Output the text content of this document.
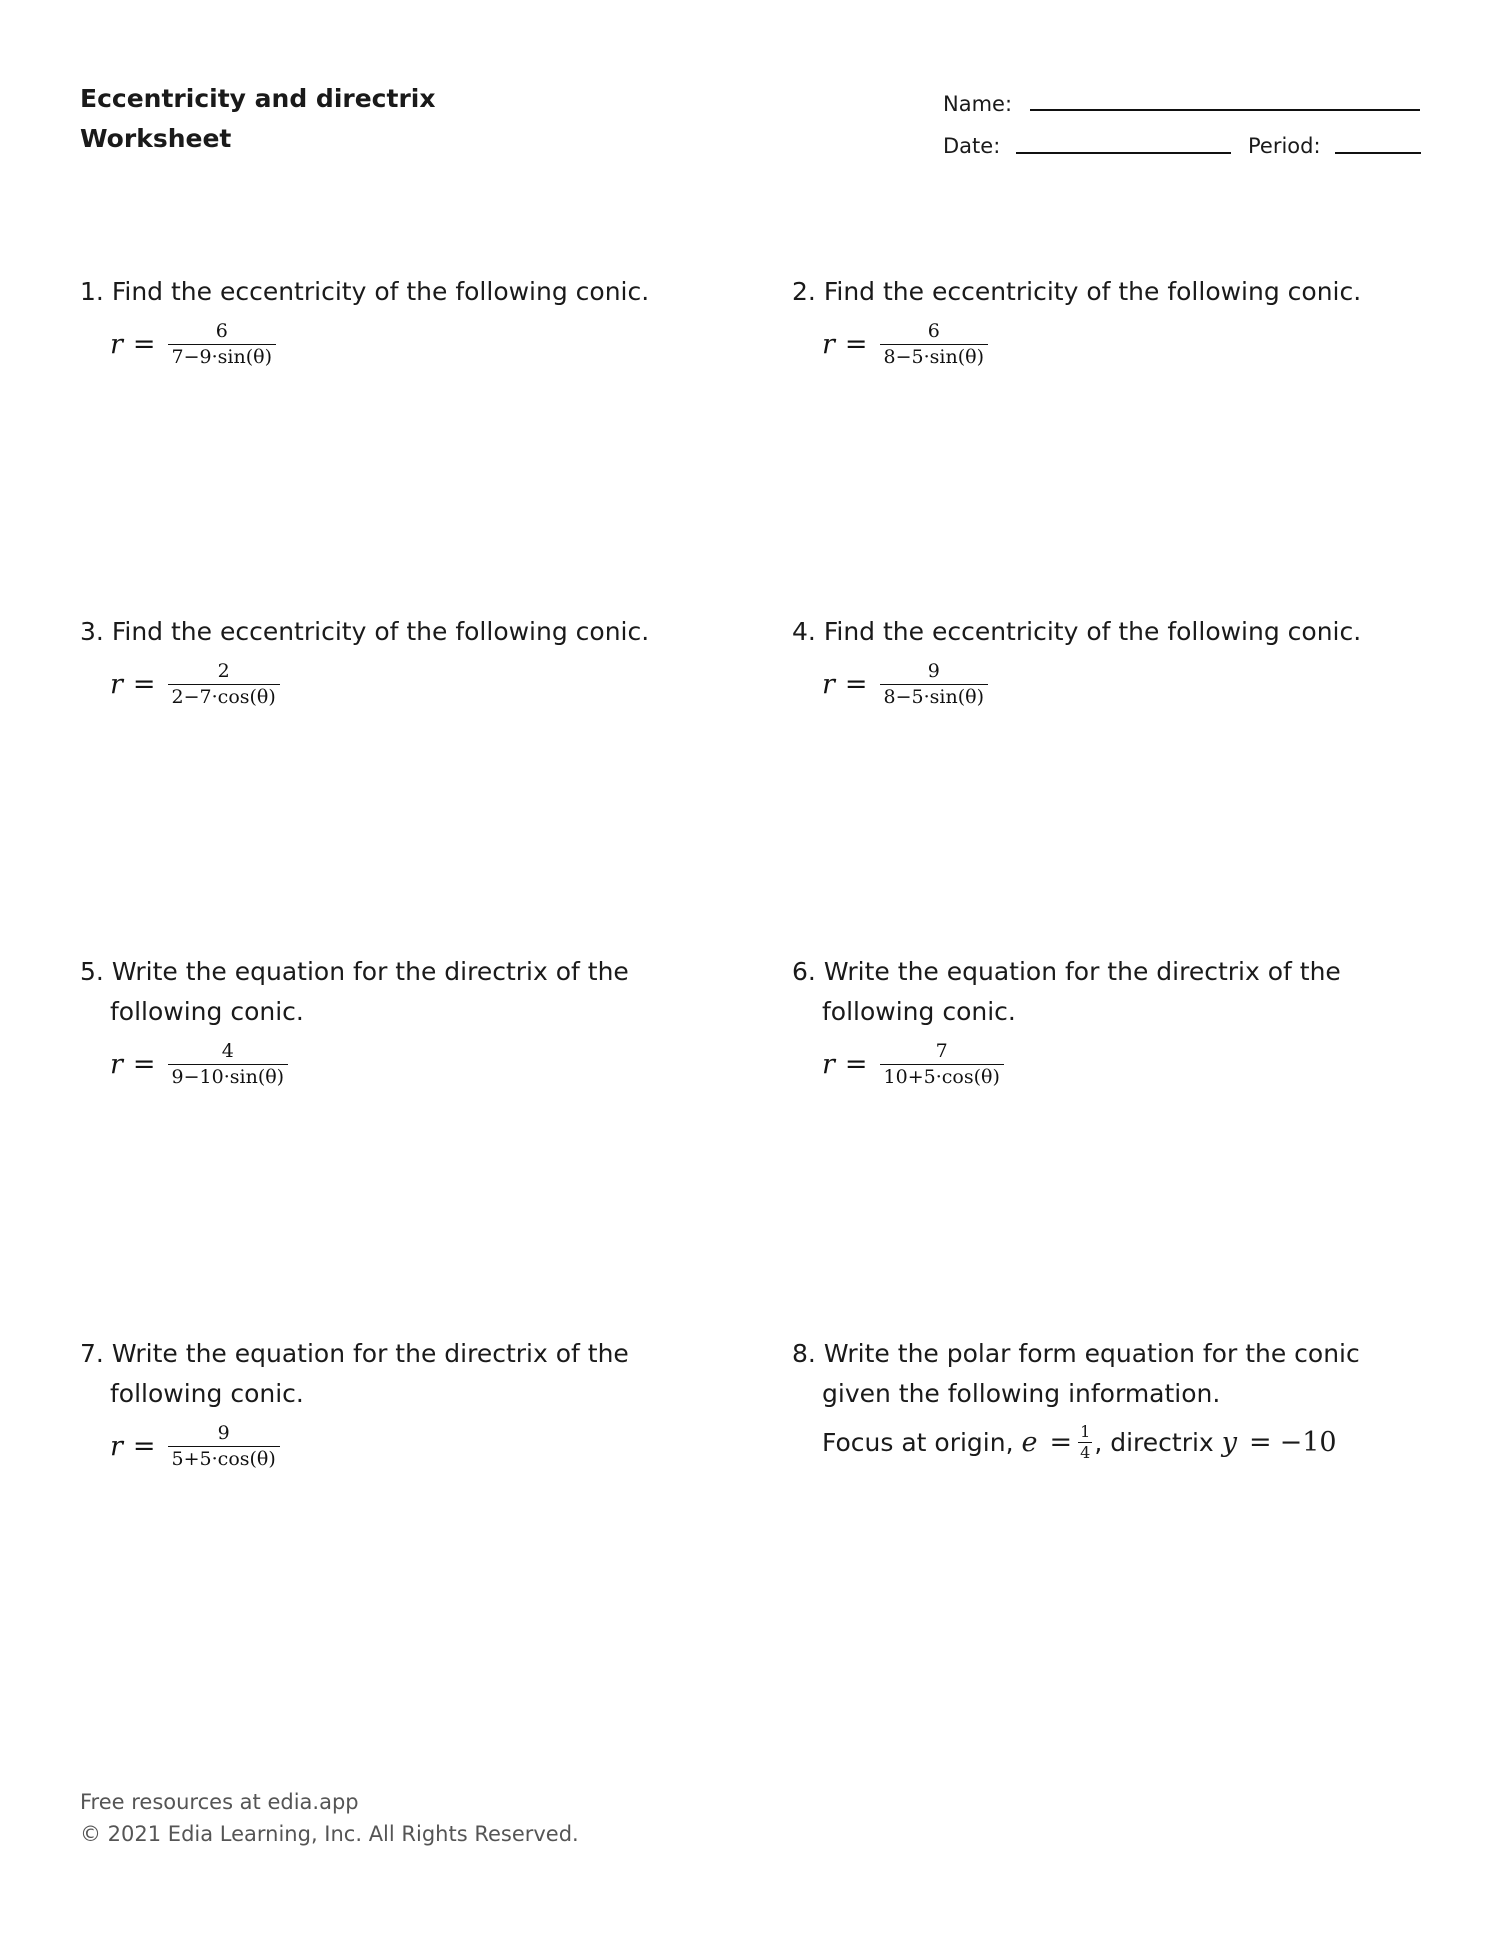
Eccentricity and directrix
Worksheet
Name:
Date:	Period:

1. Find the eccentricity of the following conic.

$r = \frac{6}{7-9\cdot\sin(\theta)}$

2. Find the eccentricity of the following conic.

$r = \frac{6}{8-5\cdot\sin(\theta)}$

3. Find the eccentricity of the following conic.

$r = \frac{2}{2-7\cdot\cos(\theta)}$

4. Find the eccentricity of the following conic.

$r = \frac{9}{8-5\cdot\sin(\theta)}$

5. Write the equation for the directrix of the following conic.

$r = \frac{4}{9-10\cdot\sin(\theta)}$

6. Write the equation for the directrix of the following conic.

$r = \frac{7}{10+5\cdot\cos(\theta)}$

7. Write the equation for the directrix of the following conic.

$r = \frac{9}{5+5\cdot\cos(\theta)}$

8. Write the polar form equation for the conic given the following information.

Focus at origin, $e = \frac{1}{4}$ , directrix y = −10
Free resources at edia.app
© 2021 Edia Learning, Inc. All Rights Reserved.
